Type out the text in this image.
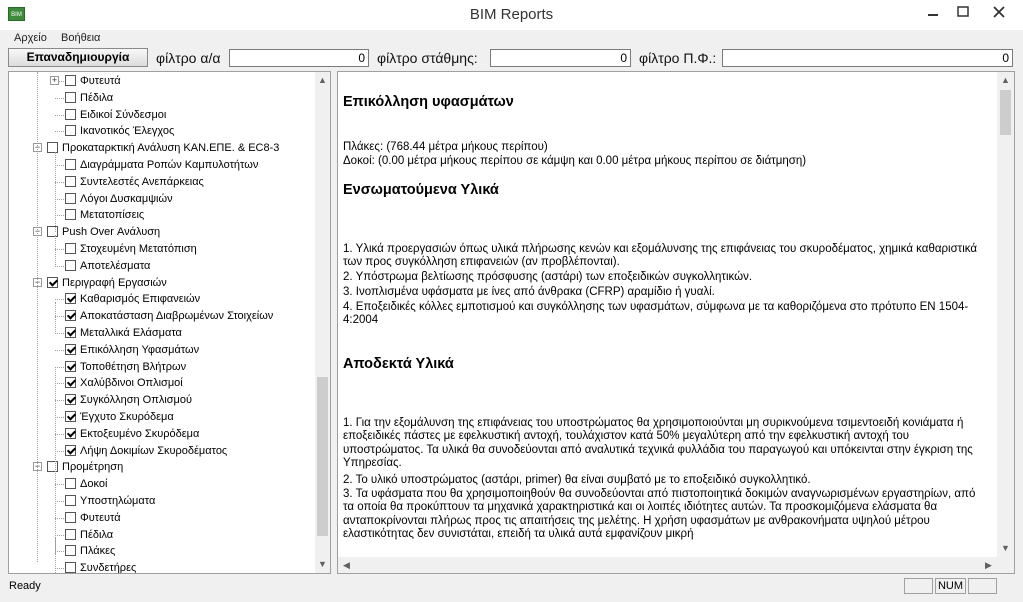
BIM	BIM Reports
Αρχείο Βοήθεια
Επαναδημιουργία	φίλτρο α/α
0	φίλτρο στάθμης:
0	φίλτρο Π.Φ.:
0
+ Φυτευτά
Πέδιλα
Ειδικοί Σύνδεσμοι
Ικανοτικός Έλεγχος
− Προκαταρκτική Ανάλυση ΚΑΝ.ΕΠΕ. & EC8-3
Διαγράμματα Ροπών Καμπυλοτήτων
Συντελεστές Ανεπάρκειας
Λόγοι Δυσκαμψιών
Μετατοπίσεις
− Push Over Ανάλυση
Στοχευμένη Μετατόπιση
Αποτελέσματα
− Περιγραφή Εργασιών
Καθαρισμός Επιφανειών
Αποκατάσταση Διαβρωμένων Στοιχείων
Μεταλλικά Ελάσματα
Επικόλληση Υφασμάτων
Τοποθέτηση Βλήτρων
Χαλύβδινοι Οπλισμοί
Συγκόλληση Οπλισμού
Έγχυτο Σκυρόδεμα
Εκτοξευμένο Σκυρόδεμα
Λήψη Δοκιμίων Σκυροδέματος
− Προμέτρηση
Δοκοί
Υποστηλώματα
Φυτευτά
Πέδιλα
Πλάκες
Συνδετήρες
▲
▼
Επικόλληση υφασμάτων
Πλάκες: (768.44 μέτρα μήκους περίπου)
Δοκοί: (0.00 μέτρα μήκους περίπου σε κάμψη και 0.00 μέτρα μήκους περίπου σε διάτμηση)
Ενσωματούμενα Υλικά
1. Υλικά προεργασιών όπως υλικά πλήρωσης κενών και εξομάλυνσης της επιφάνειας του σκυροδέματος, χημικά καθαριστικά των προς συγκόλληση επιφανειών (αν προβλέπονται).
2. Υπόστρωμα βελτίωσης πρόσφυσης (αστάρι) των εποξειδικών συγκολλητικών.
3. Ινοπλισμένα υφάσματα με ίνες από άνθρακα (CFRP) αραμίδιο ή γυαλί.
4. Εποξειδικές κόλλες εμποτισμού και συγκόλλησης των υφασμάτων, σύμφωνα με τα καθοριζόμενα στο πρότυπο EN 1504-4:2004
Αποδεκτά Υλικά
1. Για την εξομάλυνση της επιφάνειας του υποστρώματος θα χρησιμοποιούνται μη συρικνούμενα τσιμεντοειδή κονιάματα ή εποξειδικές πάστες με εφελκυστική αντοχή, τουλάχιστον κατά 50% μεγαλύτερη από την εφελκυστική αντοχή του υποστρώματος. Τα υλικά θα συνοδεύονται από αναλυτικά τεχνικά φυλλάδια του παραγωγού και υπόκεινται στην έγκριση της Υπηρεσίας.
2. Το υλικό υποστρώματος (αστάρι, primer) θα είναι συμβατό με το εποξειδικό συγκολλητικό.
3. Τα υφάσματα που θα χρησιμοποιηθούν θα συνοδεύονται από πιστοποιητικά δοκιμών αναγνωρισμένων εργαστηρίων, από τα οποία θα προκύπτουν τα μηχανικά χαρακτηριστικά και οι λοιπές ιδιότητες αυτών. Τα προσκομιζόμενα ελάσματα θα ανταποκρίνονται πλήρως προς τις απαιτήσεις της μελέτης. Η χρήση υφασμάτων με ανθρακονήματα υψηλού μέτρου ελαστικότητας δεν συνιστάται, επειδή τα υλικά αυτά εμφανίζουν μικρή
▲
▼
◀	▶
Ready	NUM
